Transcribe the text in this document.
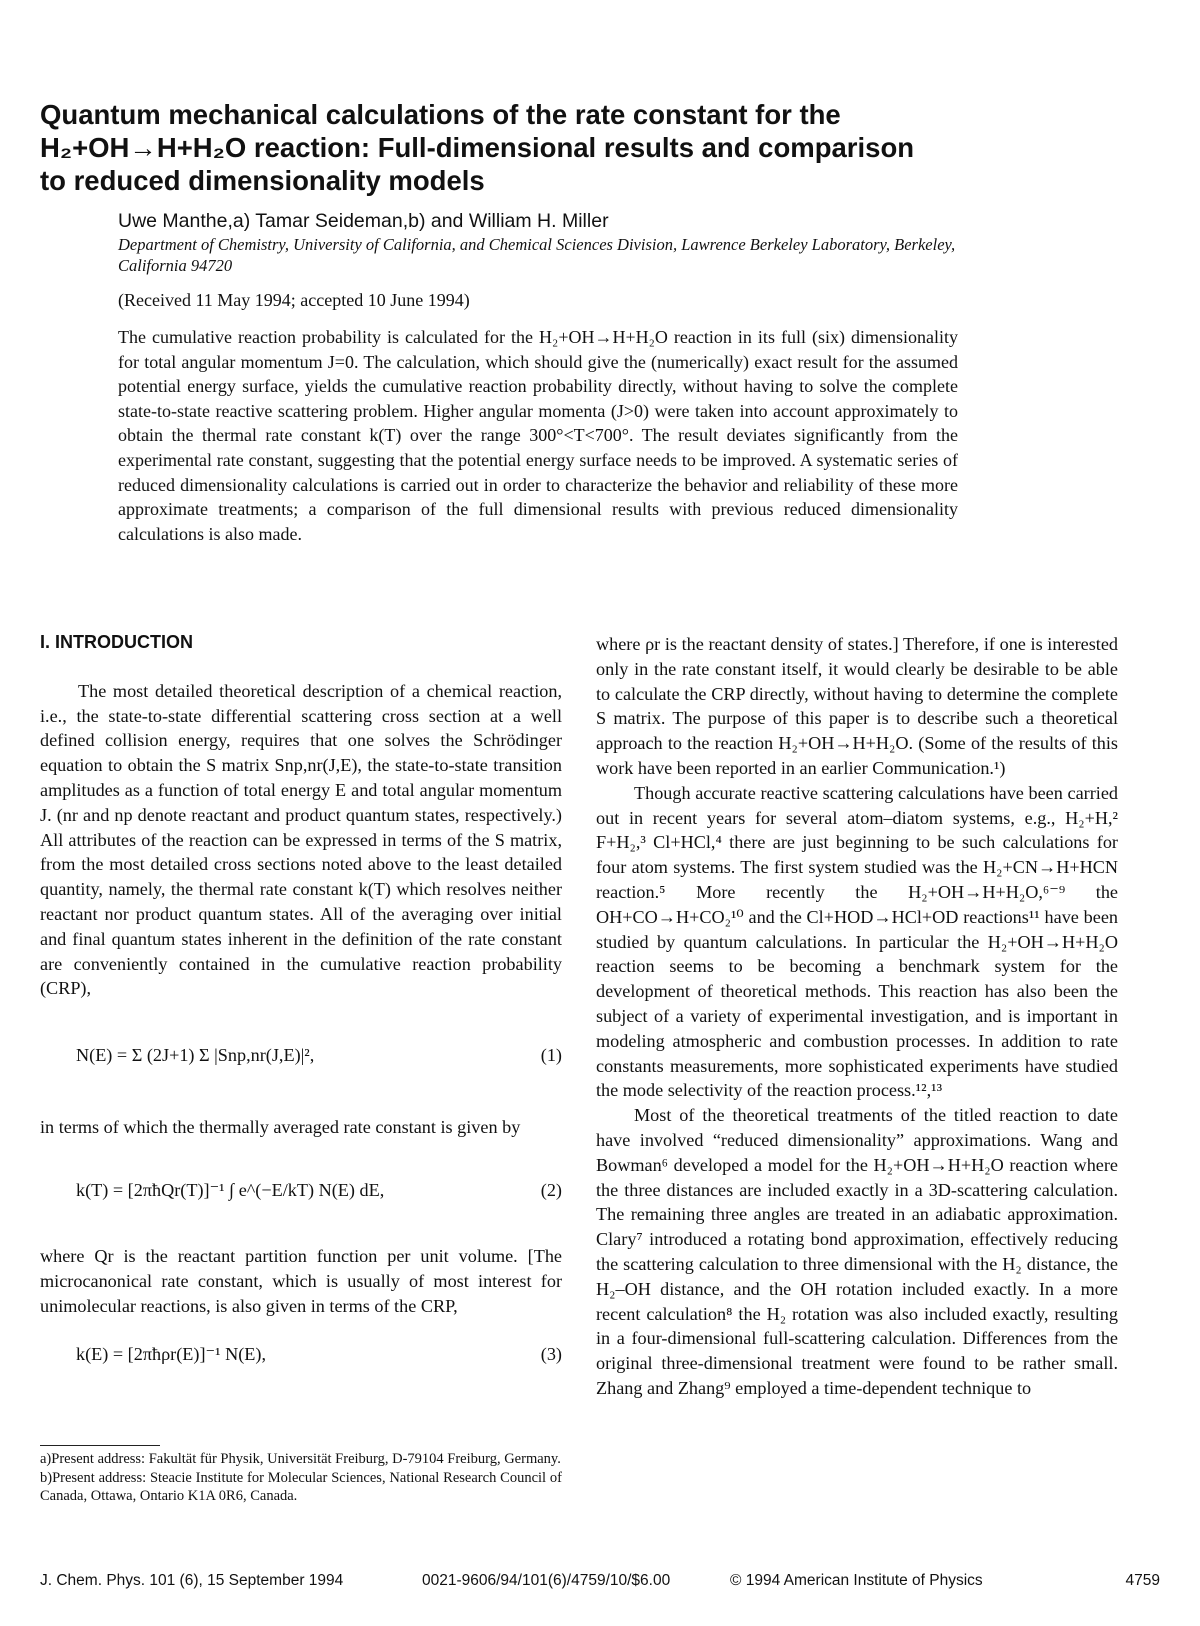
Quantum mechanical calculations of the rate constant for the
H₂+OH→H+H₂O reaction: Full-dimensional results and comparison
to reduced dimensionality models
Uwe Manthe,a) Tamar Seideman,b) and William H. Miller
Department of Chemistry, University of California, and Chemical Sciences Division, Lawrence Berkeley Laboratory, Berkeley, California 94720
(Received 11 May 1994; accepted 10 June 1994)
The cumulative reaction probability is calculated for the H₂+OH→H+H₂O reaction in its full (six) dimensionality for total angular momentum J=0. The calculation, which should give the (numerically) exact result for the assumed potential energy surface, yields the cumulative reaction probability directly, without having to solve the complete state-to-state reactive scattering problem. Higher angular momenta (J>0) were taken into account approximately to obtain the thermal rate constant k(T) over the range 300°<T<700°. The result deviates significantly from the experimental rate constant, suggesting that the potential energy surface needs to be improved. A systematic series of reduced dimensionality calculations is carried out in order to characterize the behavior and reliability of these more approximate treatments; a comparison of the full dimensional results with previous reduced dimensionality calculations is also made.
I. INTRODUCTION

The most detailed theoretical description of a chemical reaction, i.e., the state-to-state differential scattering cross section at a well defined collision energy, requires that one solves the Schrödinger equation to obtain the S matrix Snp,nr(J,E), the state-to-state transition amplitudes as a function of total energy E and total angular momentum J. (nr and np denote reactant and product quantum states, respectively.) All attributes of the reaction can be expressed in terms of the S matrix, from the most detailed cross sections noted above to the least detailed quantity, namely, the thermal rate constant k(T) which resolves neither reactant nor product quantum states. All of the averaging over initial and final quantum states inherent in the definition of the rate constant are conveniently contained in the cumulative reaction probability (CRP),

N(E) = Σ (2J+1) Σ |Snp,nr(J,E)|²,	(1)

in terms of which the thermally averaged rate constant is given by

k(T) = [2πħQr(T)]⁻¹ ∫ e^(−E/kT) N(E) dE,	(2)

where Qr is the reactant partition function per unit volume. [The microcanonical rate constant, which is usually of most interest for unimolecular reactions, is also given in terms of the CRP,

k(E) = [2πħρr(E)]⁻¹ N(E),	(3)

where ρr is the reactant density of states.] Therefore, if one is interested only in the rate constant itself, it would clearly be desirable to be able to calculate the CRP directly, without having to determine the complete S matrix. The purpose of this paper is to describe such a theoretical approach to the reaction H₂+OH→H+H₂O. (Some of the results of this work have been reported in an earlier Communication.¹)

Though accurate reactive scattering calculations have been carried out in recent years for several atom–diatom systems, e.g., H₂+H,² F+H₂,³ Cl+HCl,⁴ there are just beginning to be such calculations for four atom systems. The first system studied was the H₂+CN→H+HCN reaction.⁵ More recently the H₂+OH→H+H₂O,⁶⁻⁹ the OH+CO→H+CO₂¹⁰ and the Cl+HOD→HCl+OD reactions¹¹ have been studied by quantum calculations. In particular the H₂+OH→H+H₂O reaction seems to be becoming a benchmark system for the development of theoretical methods. This reaction has also been the subject of a variety of experimental investigation, and is important in modeling atmospheric and combustion processes. In addition to rate constants measurements, more sophisticated experiments have studied the mode selectivity of the reaction process.¹²,¹³

Most of the theoretical treatments of the titled reaction to date have involved “reduced dimensionality” approximations. Wang and Bowman⁶ developed a model for the H₂+OH→H+H₂O reaction where the three distances are included exactly in a 3D-scattering calculation. The remaining three angles are treated in an adiabatic approximation. Clary⁷ introduced a rotating bond approximation, effectively reducing the scattering calculation to three dimensional with the H₂ distance, the H₂–OH distance, and the OH rotation included exactly. In a more recent calculation⁸ the H₂ rotation was also included exactly, resulting in a four-dimensional full-scattering calculation. Differences from the original three-dimensional treatment were found to be rather small. Zhang and Zhang⁹ employed a time-dependent technique to

a)Present address: Fakultät für Physik, Universität Freiburg, D-79104 Freiburg, Germany.
b)Present address: Steacie Institute for Molecular Sciences, National Research Council of Canada, Ottawa, Ontario K1A 0R6, Canada.
J. Chem. Phys. 101 (6), 15 September 1994	0021-9606/94/101(6)/4759/10/$6.00	© 1994 American Institute of Physics	4759
